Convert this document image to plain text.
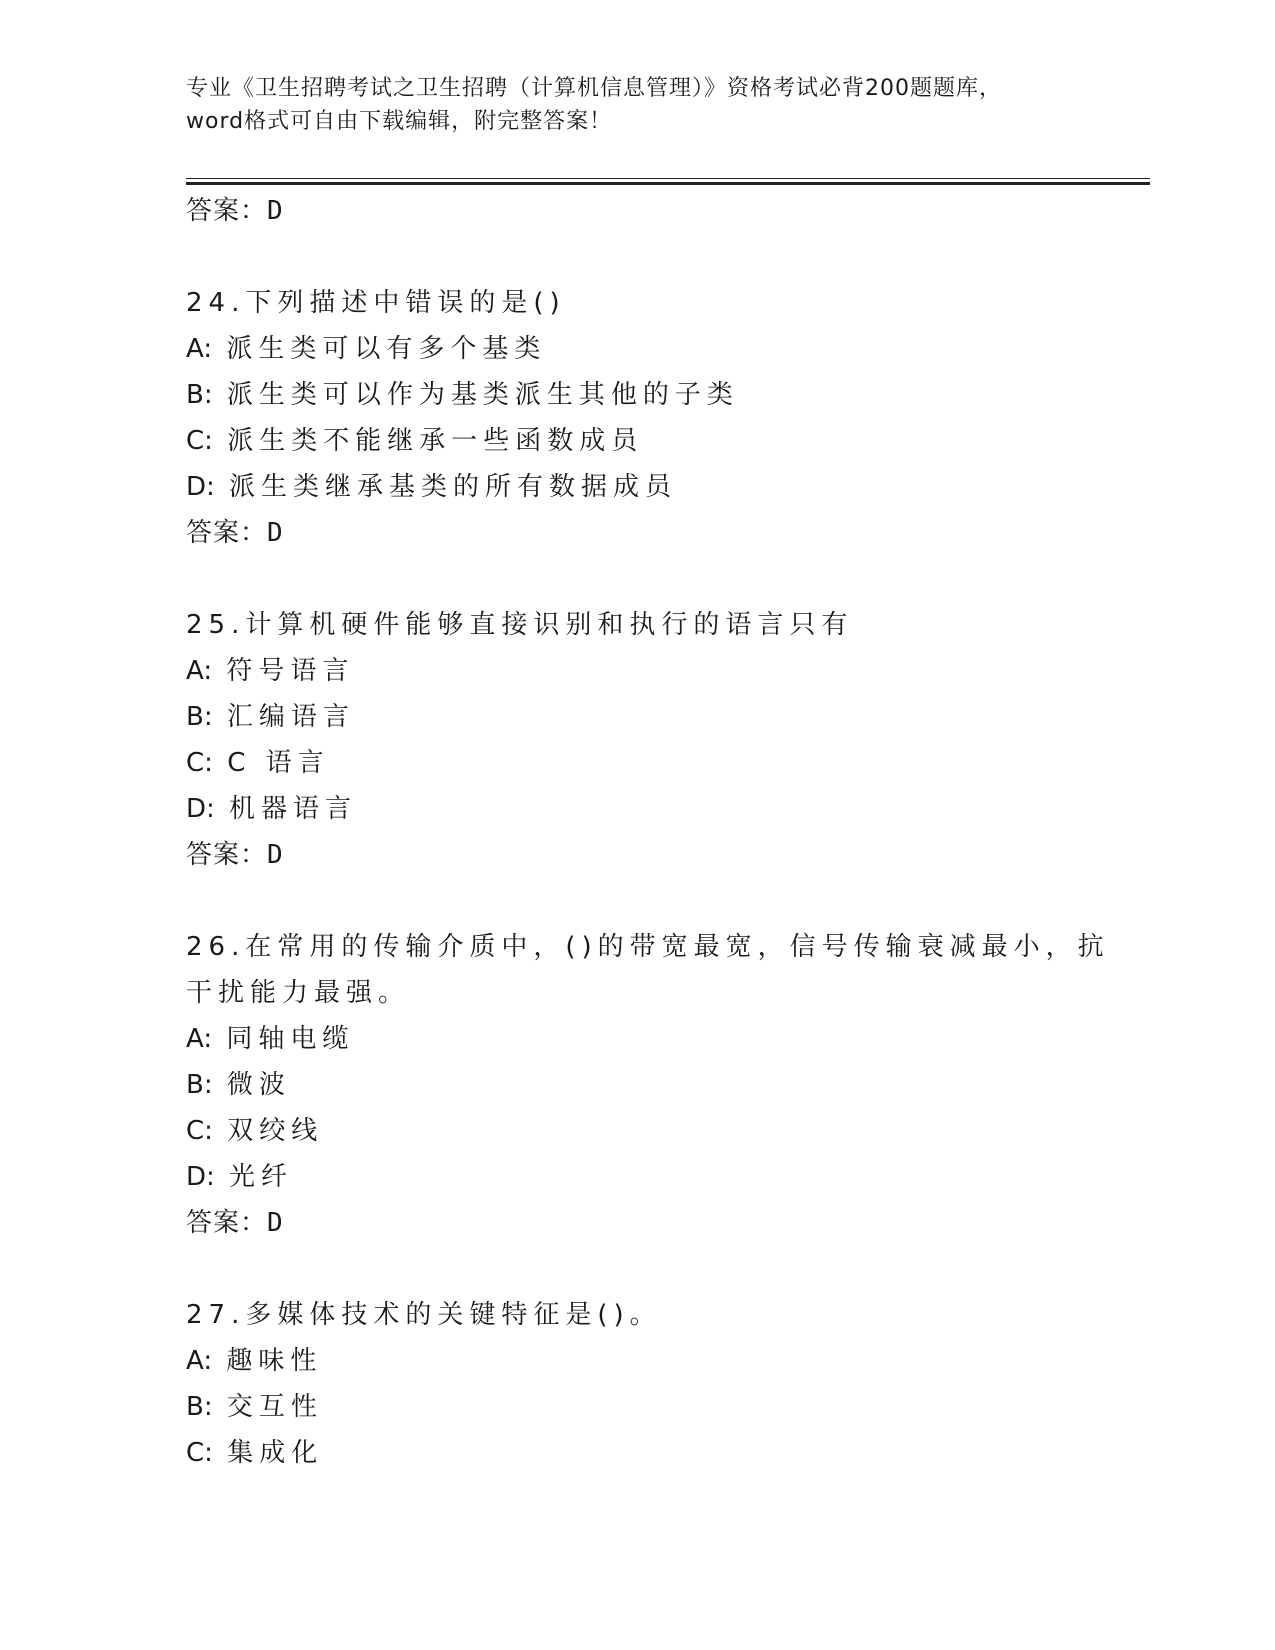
专业《卫生招聘考试之卫生招聘（计算机信息管理）》资格考试必背200题题库，
word格式可自由下载编辑，附完整答案！
答案：D
24.下列描述中错误的是()
A: 派生类可以有多个基类
B: 派生类可以作为基类派生其他的子类
C: 派生类不能继承一些函数成员
D: 派生类继承基类的所有数据成员
答案：D
25.计算机硬件能够直接识别和执行的语言只有
A: 符号语言
B: 汇编语言
C: C 语言
D: 机器语言
答案：D
26.在常用的传输介质中，()的带宽最宽，信号传输衰减最小，抗干扰能力最强。
A: 同轴电缆
B: 微波
C: 双绞线
D: 光纤
答案：D
27.多媒体技术的关键特征是()。
A: 趣味性
B: 交互性
C: 集成化
